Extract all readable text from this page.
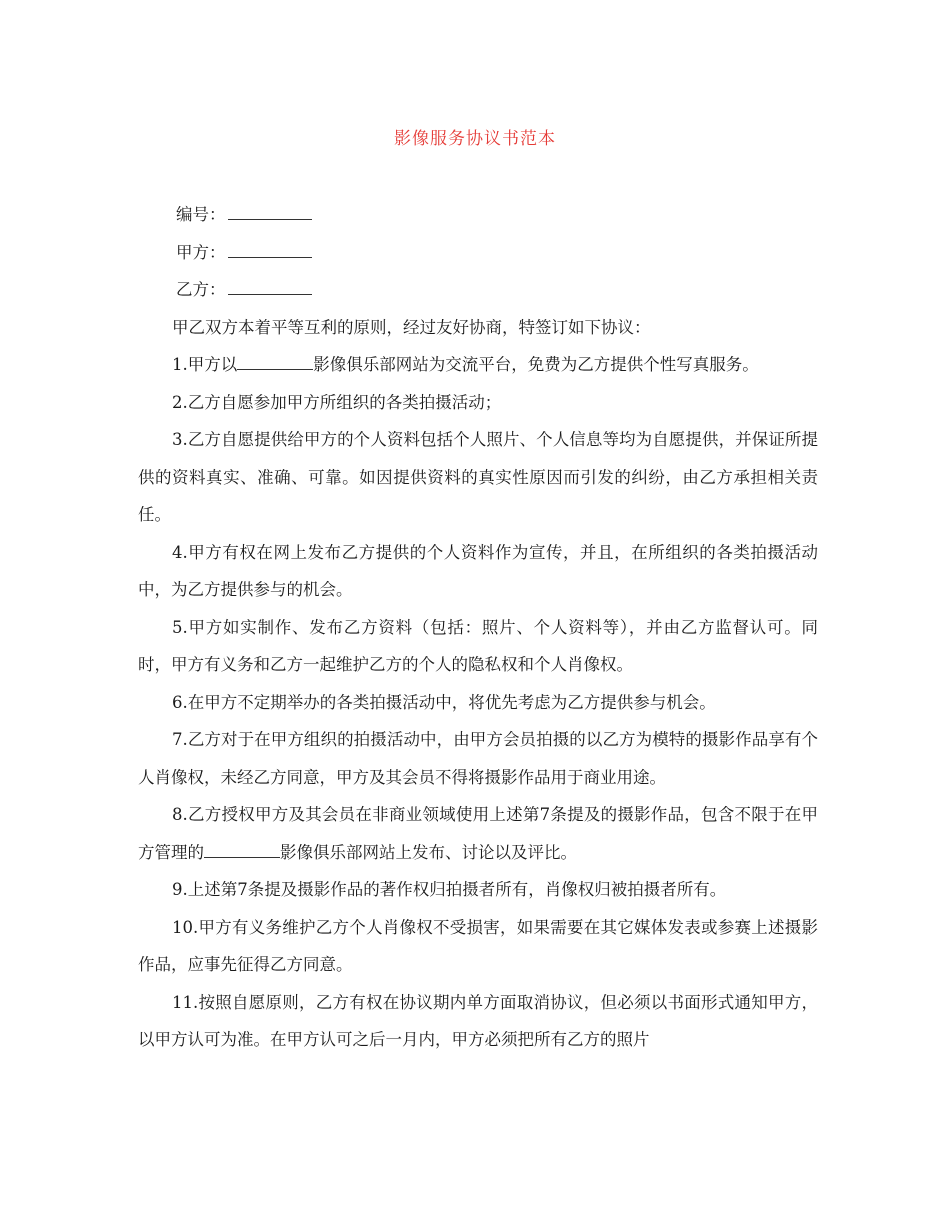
影像服务协议书范本

编号：

甲方：

乙方：

甲乙双方本着平等互利的原则，经过友好协商，特签订如下协议：

1.甲方以	影像俱乐部网站为交流平台，免费为乙方提供个性写真服务。

2.乙方自愿参加甲方所组织的各类拍摄活动；

3.乙方自愿提供给甲方的个人资料包括个人照片、个人信息等均为自愿提供，并保证所提供的资料真实、准确、可靠。如因提供资料的真实性原因而引发的纠纷，由乙方承担相关责任。

4.甲方有权在网上发布乙方提供的个人资料作为宣传，并且，在所组织的各类拍摄活动中，为乙方提供参与的机会。

5.甲方如实制作、发布乙方资料（包括：照片、个人资料等），并由乙方监督认可。同时，甲方有义务和乙方一起维护乙方的个人的隐私权和个人肖像权。

6.在甲方不定期举办的各类拍摄活动中，将优先考虑为乙方提供参与机会。

7.乙方对于在甲方组织的拍摄活动中，由甲方会员拍摄的以乙方为模特的摄影作品享有个人肖像权，未经乙方同意，甲方及其会员不得将摄影作品用于商业用途。

8.乙方授权甲方及其会员在非商业领域使用上述第7条提及的摄影作品，包含不限于在甲方管理的	影像俱乐部网站上发布、讨论以及评比。

9.上述第7条提及摄影作品的著作权归拍摄者所有，肖像权归被拍摄者所有。

10.甲方有义务维护乙方个人肖像权不受损害，如果需要在其它媒体发表或参赛上述摄影作品，应事先征得乙方同意。

11.按照自愿原则，乙方有权在协议期内单方面取消协议，但必须以书面形式通知甲方，以甲方认可为准。在甲方认可之后一月内，甲方必须把所有乙方的照片
